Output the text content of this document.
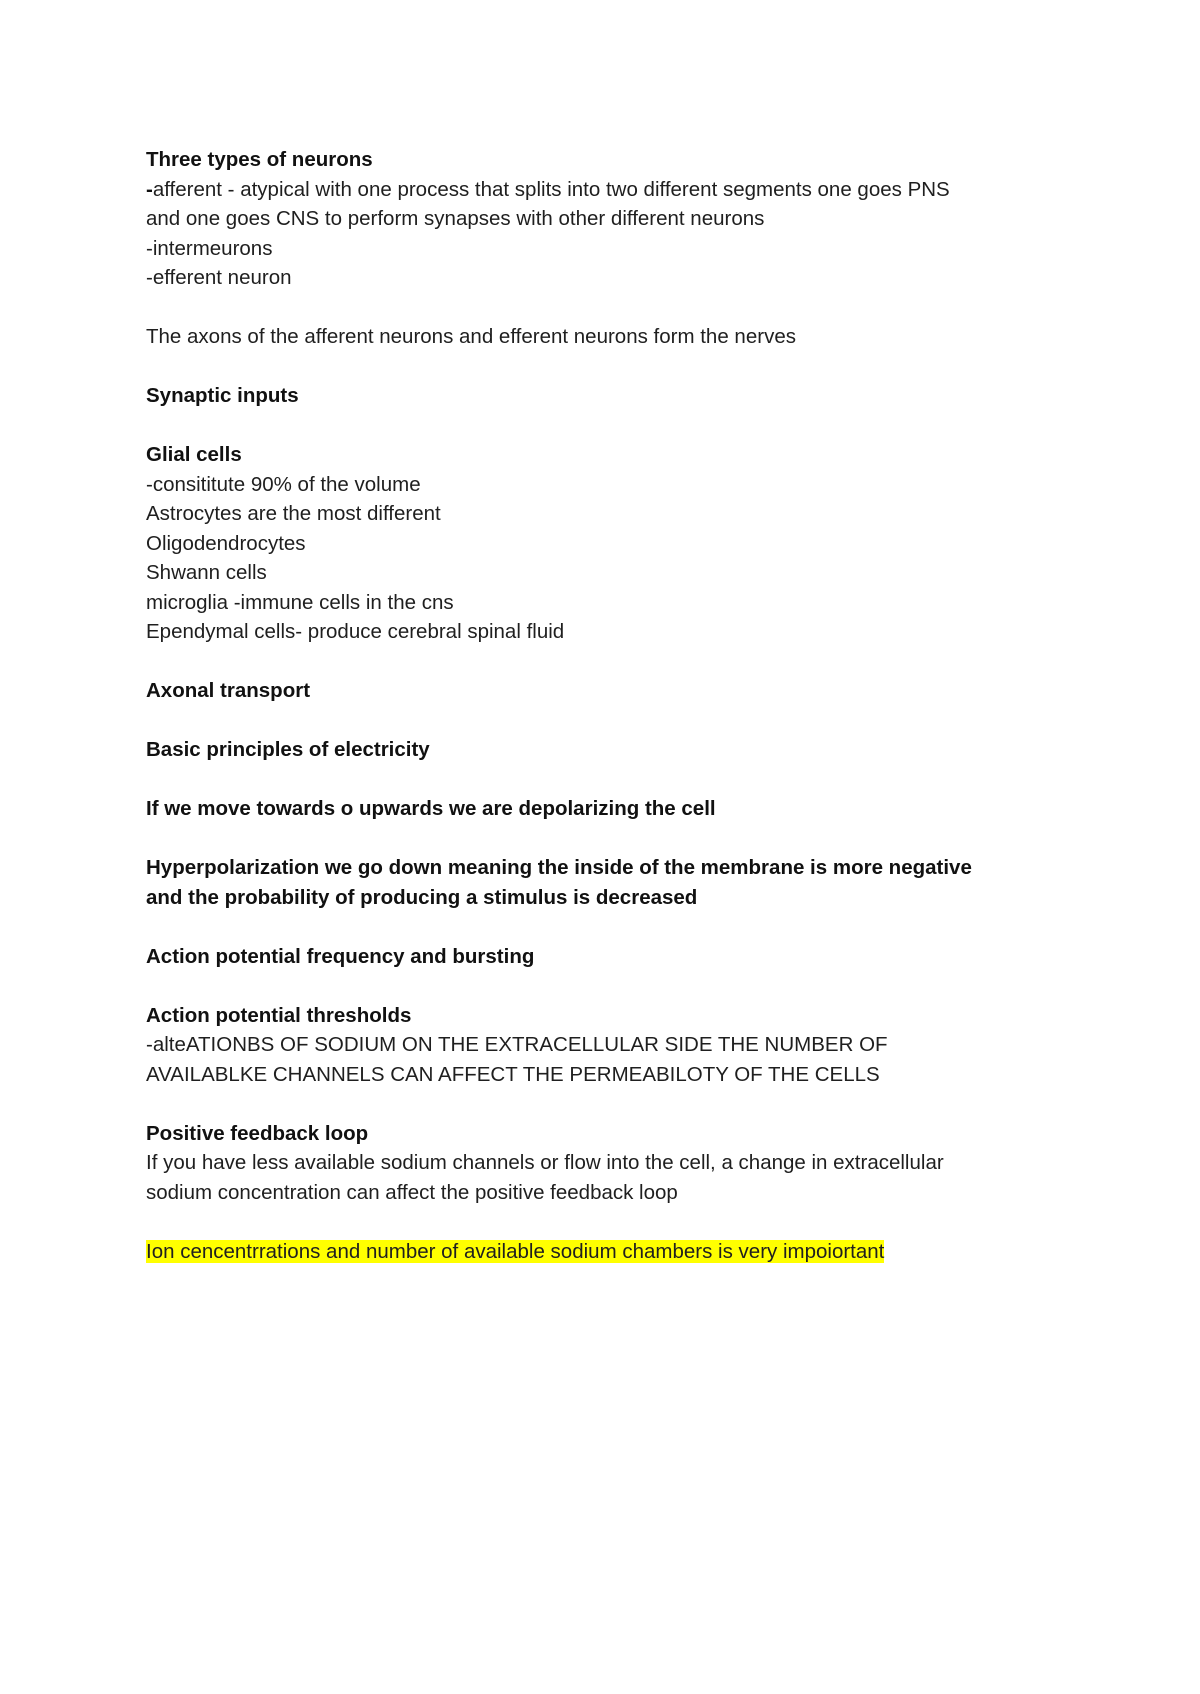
Three types of neurons
-afferent - atypical with one process that splits into two different segments one goes PNS
and one goes CNS to perform synapses with other different neurons
-intermeurons
-efferent neuron
The axons of the afferent neurons and efferent neurons form the nerves
Synaptic inputs
Glial cells
-consititute 90% of the volume
Astrocytes are the most different
Oligodendrocytes
Shwann cells
microglia -immune cells in the cns
Ependymal cells- produce cerebral spinal fluid
Axonal transport
Basic principles of electricity
If we move towards o upwards we are depolarizing the cell
Hyperpolarization we go down meaning the inside of the membrane is more negative
and the probability of producing a stimulus is decreased
Action potential frequency and bursting
Action potential thresholds
-alteATIONBS OF SODIUM ON THE EXTRACELLULAR SIDE THE NUMBER OF
AVAILABLKE CHANNELS CAN AFFECT THE PERMEABILOTY OF THE CELLS
Positive feedback loop
If you have less available sodium channels or flow into the cell, a change in extracellular
sodium concentration can affect the positive feedback loop
Ion cencentrrations and number of available sodium chambers is very impoiortant
